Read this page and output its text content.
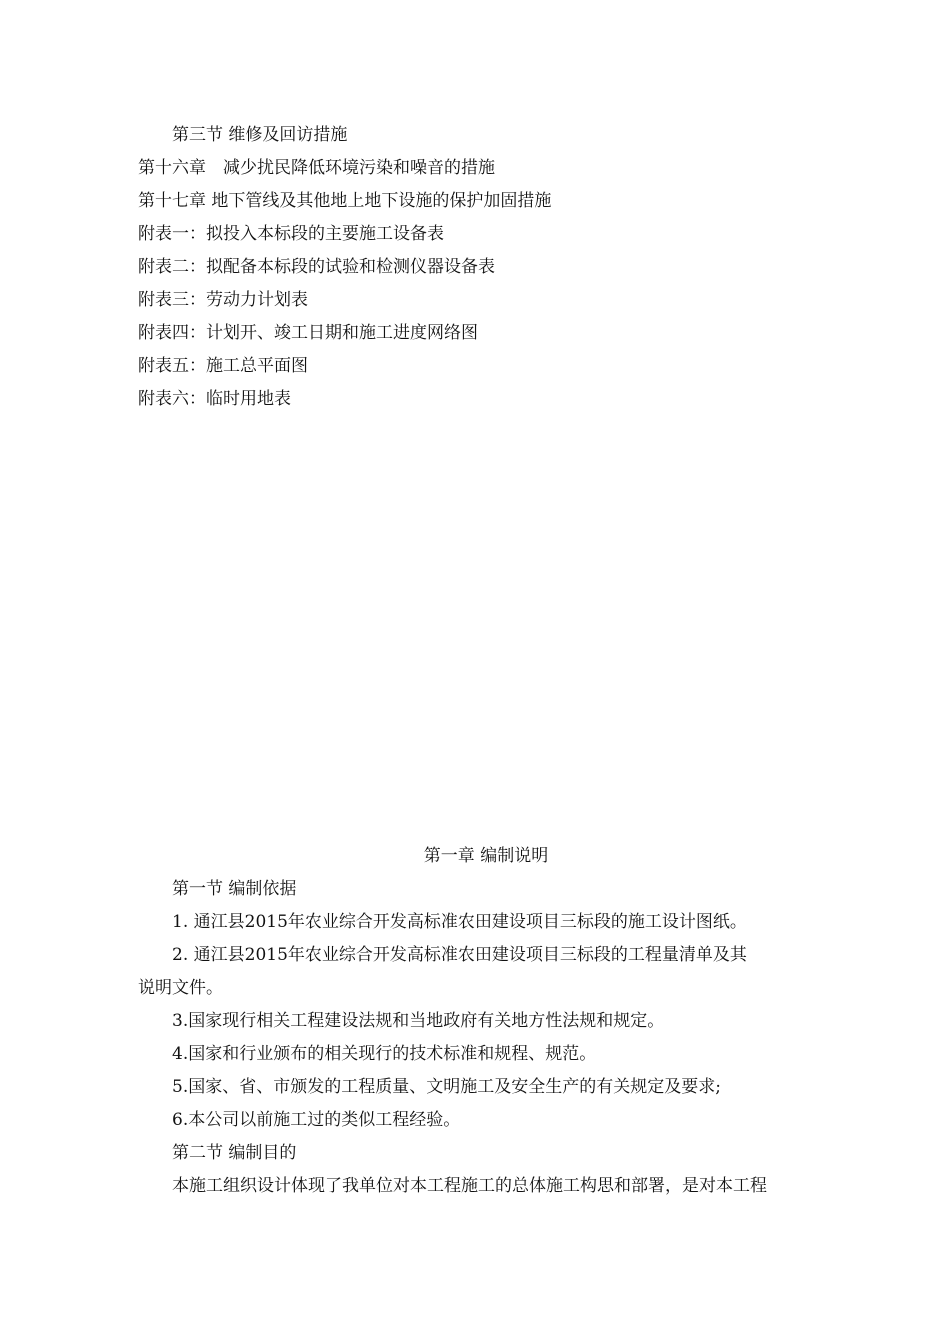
第三节 维修及回访措施
第十六章　减少扰民降低环境污染和噪音的措施
第十七章 地下管线及其他地上地下设施的保护加固措施
附表一：拟投入本标段的主要施工设备表
附表二：拟配备本标段的试验和检测仪器设备表
附表三：劳动力计划表
附表四：计划开、竣工日期和施工进度网络图
附表五：施工总平面图
附表六：临时用地表
第一章 编制说明
第一节 编制依据
1. 通江县2015年农业综合开发高标准农田建设项目三标段的施工设计图纸。
2. 通江县2015年农业综合开发高标准农田建设项目三标段的工程量清单及其
说明文件。
3.国家现行相关工程建设法规和当地政府有关地方性法规和规定。
4.国家和行业颁布的相关现行的技术标准和规程、规范。
5.国家、省、市颁发的工程质量、文明施工及安全生产的有关规定及要求;
6.本公司以前施工过的类似工程经验。
第二节 编制目的
本施工组织设计体现了我单位对本工程施工的总体施工构思和部署，是对本工程
